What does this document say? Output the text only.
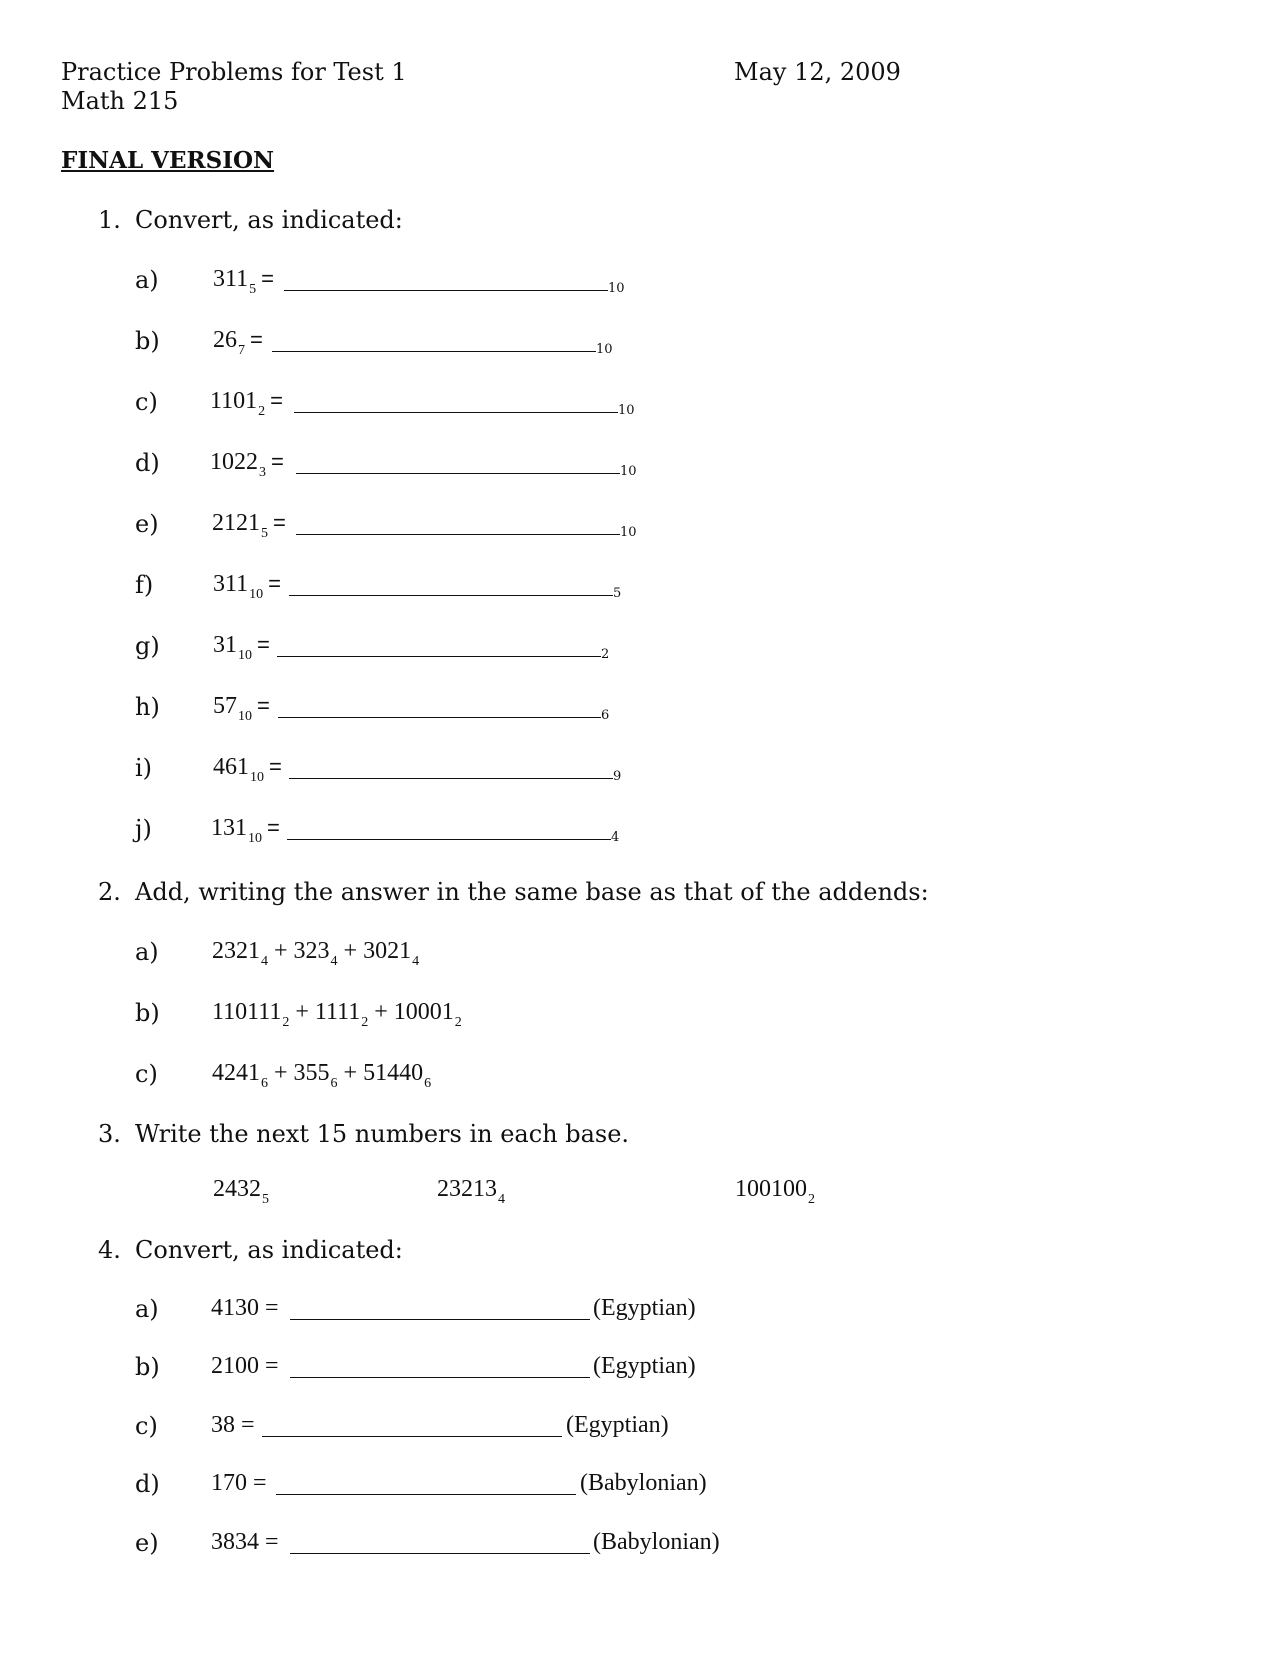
Practice Problems for Test 1
Math 215
May 12, 2009
FINAL VERSION
1. Convert, as indicated:
a) $311_5$ =	10
b) $26_7$ =	10
c) $1101_2$ =	10
d) $1022_3$ =	10
e) $2121_5$ =	10
f) $311_{10}$ =	5
g) $31_{10}$ =	2
h) $57_{10}$ =	6
i)	$461_{10}$ =	9
j) $131_{10}$ =	4
2. Add, writing the answer in the same base as that of the addends:
a) $2321_4 + 323_4 + 3021_4$
b) $110111_2 + 1111_2 + 10001_2$
c) $4241_6 + 355_6 + 51440_6$
3. Write the next 15 numbers in each base.
$2432_5$	$23213_4$	$100100_2$
4. Convert, as indicated:
a) 4130 =	(Egyptian)
b) 2100 =	(Egyptian)
c) 38 =	(Egyptian)
d) 170 =	(Babylonian)
e) 3834 =	(Babylonian)
